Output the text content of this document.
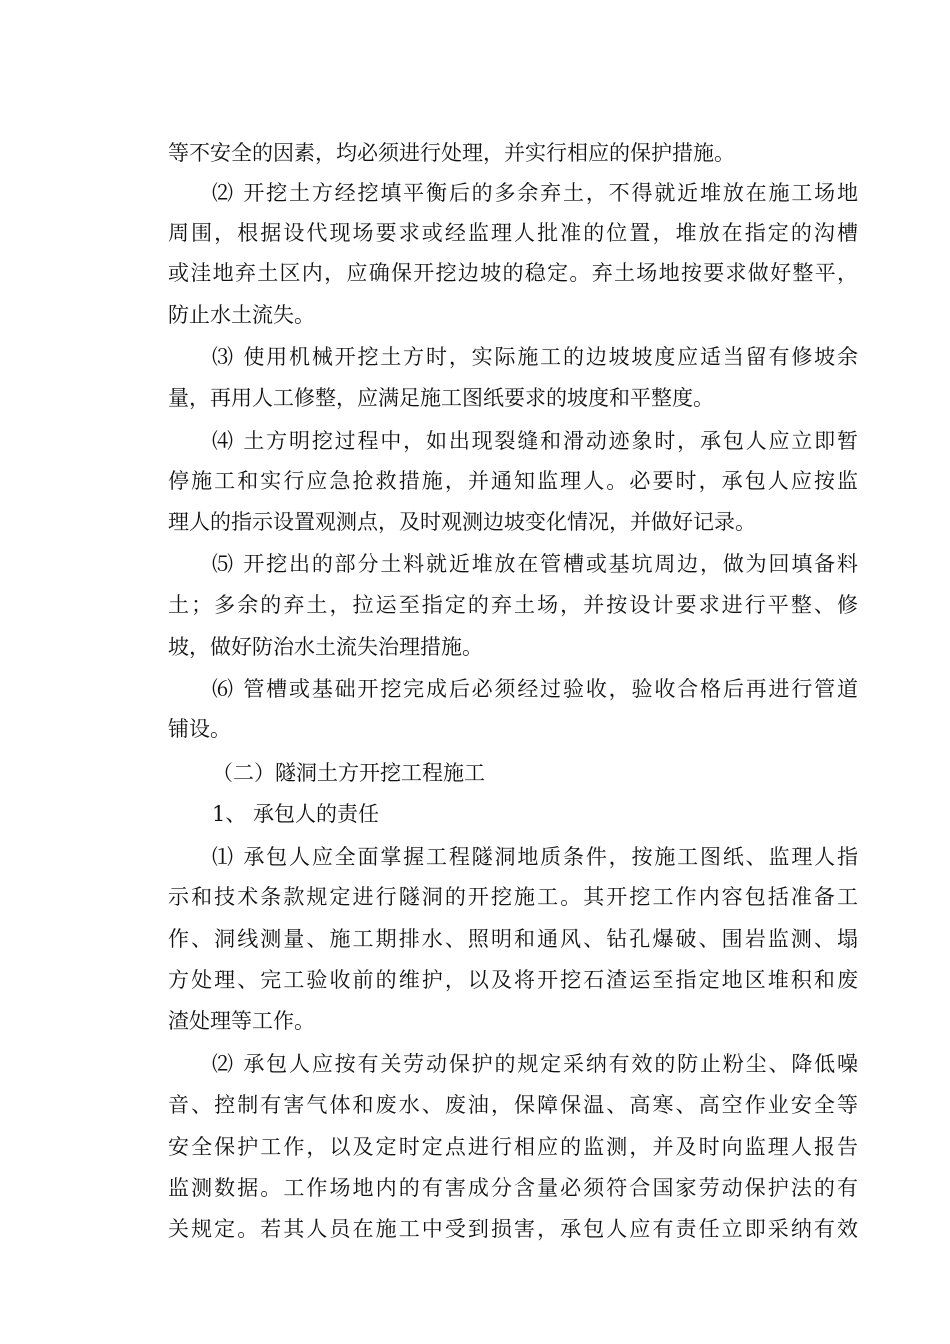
等不安全的因素，均必须进行处理，并实行相应的保护措施。
⑵ 开挖土方经挖填平衡后的多余弃土，不得就近堆放在施工场地
周围，根据设代现场要求或经监理人批准的位置，堆放在指定的沟槽
或洼地弃土区内，应确保开挖边坡的稳定。弃土场地按要求做好整平，
防止水土流失。
⑶ 使用机械开挖土方时，实际施工的边坡坡度应适当留有修坡余
量，再用人工修整，应满足施工图纸要求的坡度和平整度。
⑷ 土方明挖过程中，如出现裂缝和滑动迹象时，承包人应立即暂
停施工和实行应急抢救措施，并通知监理人。必要时，承包人应按监
理人的指示设置观测点，及时观测边坡变化情况，并做好记录。
⑸ 开挖出的部分土料就近堆放在管槽或基坑周边，做为回填备料
土；多余的弃土，拉运至指定的弃土场，并按设计要求进行平整、修
坡，做好防治水土流失治理措施。
⑹ 管槽或基础开挖完成后必须经过验收，验收合格后再进行管道
铺设。
（二）隧洞土方开挖工程施工
1、 承包人的责任
⑴ 承包人应全面掌握工程隧洞地质条件，按施工图纸、监理人指
示和技术条款规定进行隧洞的开挖施工。其开挖工作内容包括准备工
作、洞线测量、施工期排水、照明和通风、钻孔爆破、围岩监测、塌
方处理、完工验收前的维护，以及将开挖石渣运至指定地区堆积和废
渣处理等工作。
⑵ 承包人应按有关劳动保护的规定采纳有效的防止粉尘、降低噪
音、控制有害气体和废水、废油，保障保温、高寒、高空作业安全等
安全保护工作，以及定时定点进行相应的监测，并及时向监理人报告
监测数据。工作场地内的有害成分含量必须符合国家劳动保护法的有
关规定。若其人员在施工中受到损害，承包人应有责任立即采纳有效
